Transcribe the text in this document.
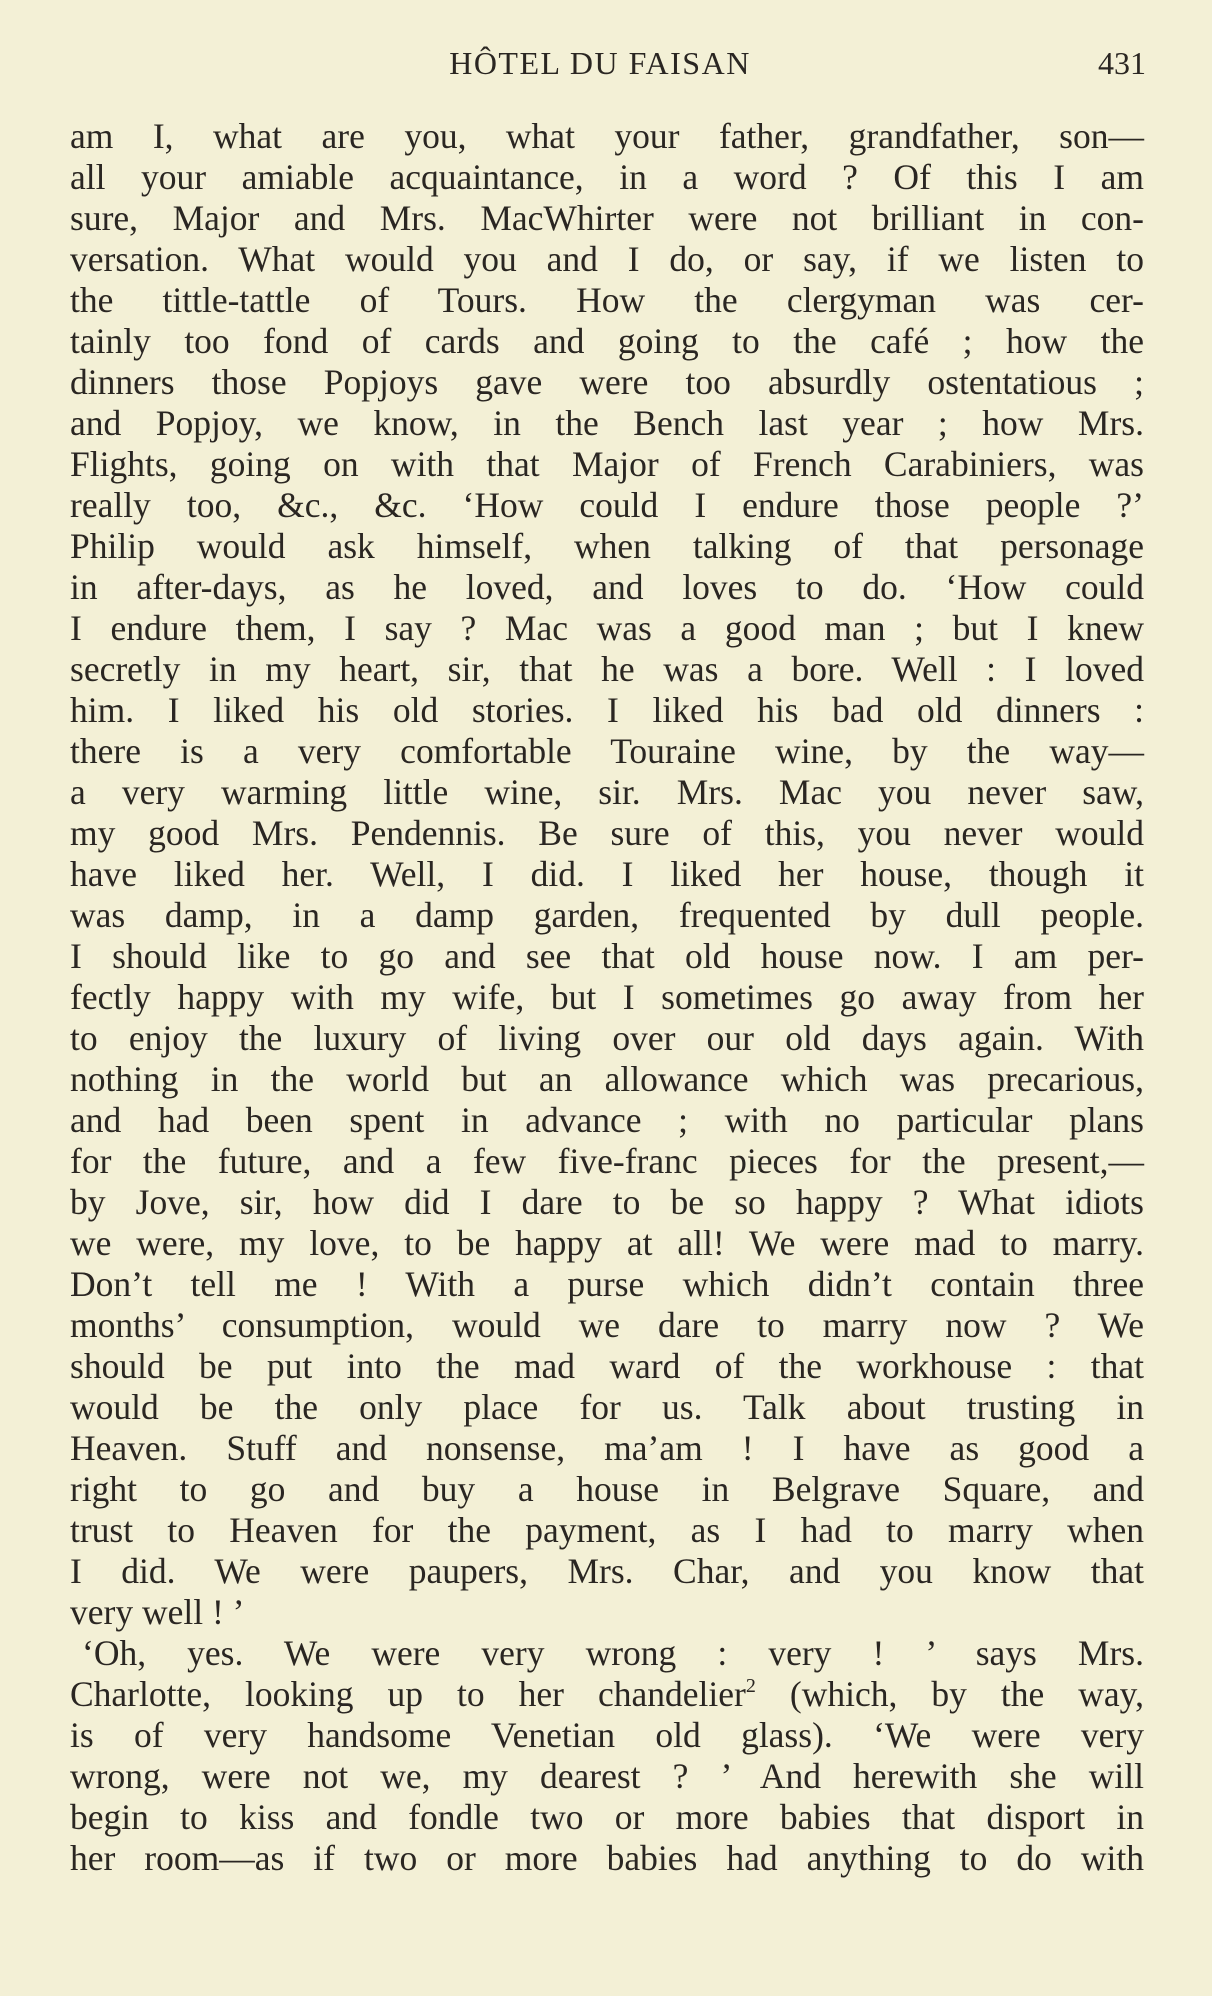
HÔTEL DU FAISAN	431
am I, what are you, what your father, grandfather, son—
all your amiable acquaintance, in a word ? Of this I am
sure, Major and Mrs. MacWhirter were not brilliant in con-
versation. What would you and I do, or say, if we listen to
the tittle-tattle of Tours. How the clergyman was cer-
tainly too fond of cards and going to the café ; how the
dinners those Popjoys gave were too absurdly ostentatious ;
and Popjoy, we know, in the Bench last year ; how Mrs.
Flights, going on with that Major of French Carabiniers, was
really too, &c., &c. ‘How could I endure those people ?’
Philip would ask himself, when talking of that personage
in after-days, as he loved, and loves to do. ‘How could
I endure them, I say ? Mac was a good man ; but I knew
secretly in my heart, sir, that he was a bore. Well : I loved
him. I liked his old stories. I liked his bad old dinners :
there is a very comfortable Touraine wine, by the way—
a very warming little wine, sir. Mrs. Mac you never saw,
my good Mrs. Pendennis. Be sure of this, you never would
have liked her. Well, I did. I liked her house, though it
was damp, in a damp garden, frequented by dull people.
I should like to go and see that old house now. I am per-
fectly happy with my wife, but I sometimes go away from her
to enjoy the luxury of living over our old days again. With
nothing in the world but an allowance which was precarious,
and had been spent in advance ; with no particular plans
for the future, and a few five-franc pieces for the present,—
by Jove, sir, how did I dare to be so happy ? What idiots
we were, my love, to be happy at all! We were mad to marry.
Don’t tell me ! With a purse which didn’t contain three
months’ consumption, would we dare to marry now ? We
should be put into the mad ward of the workhouse : that
would be the only place for us. Talk about trusting in
Heaven. Stuff and nonsense, ma’am ! I have as good a
right to go and buy a house in Belgrave Square, and
trust to Heaven for the payment, as I had to marry when
I did. We were paupers, Mrs. Char, and you know that
very well ! ’
‘Oh, yes. We were very wrong : very ! ’ says Mrs.
Charlotte, looking up to her chandelier$^2$ (which, by the way,
is of very handsome Venetian old glass). ‘We were very
wrong, were not we, my dearest ? ’ And herewith she will
begin to kiss and fondle two or more babies that disport in
her room—as if two or more babies had anything to do with
